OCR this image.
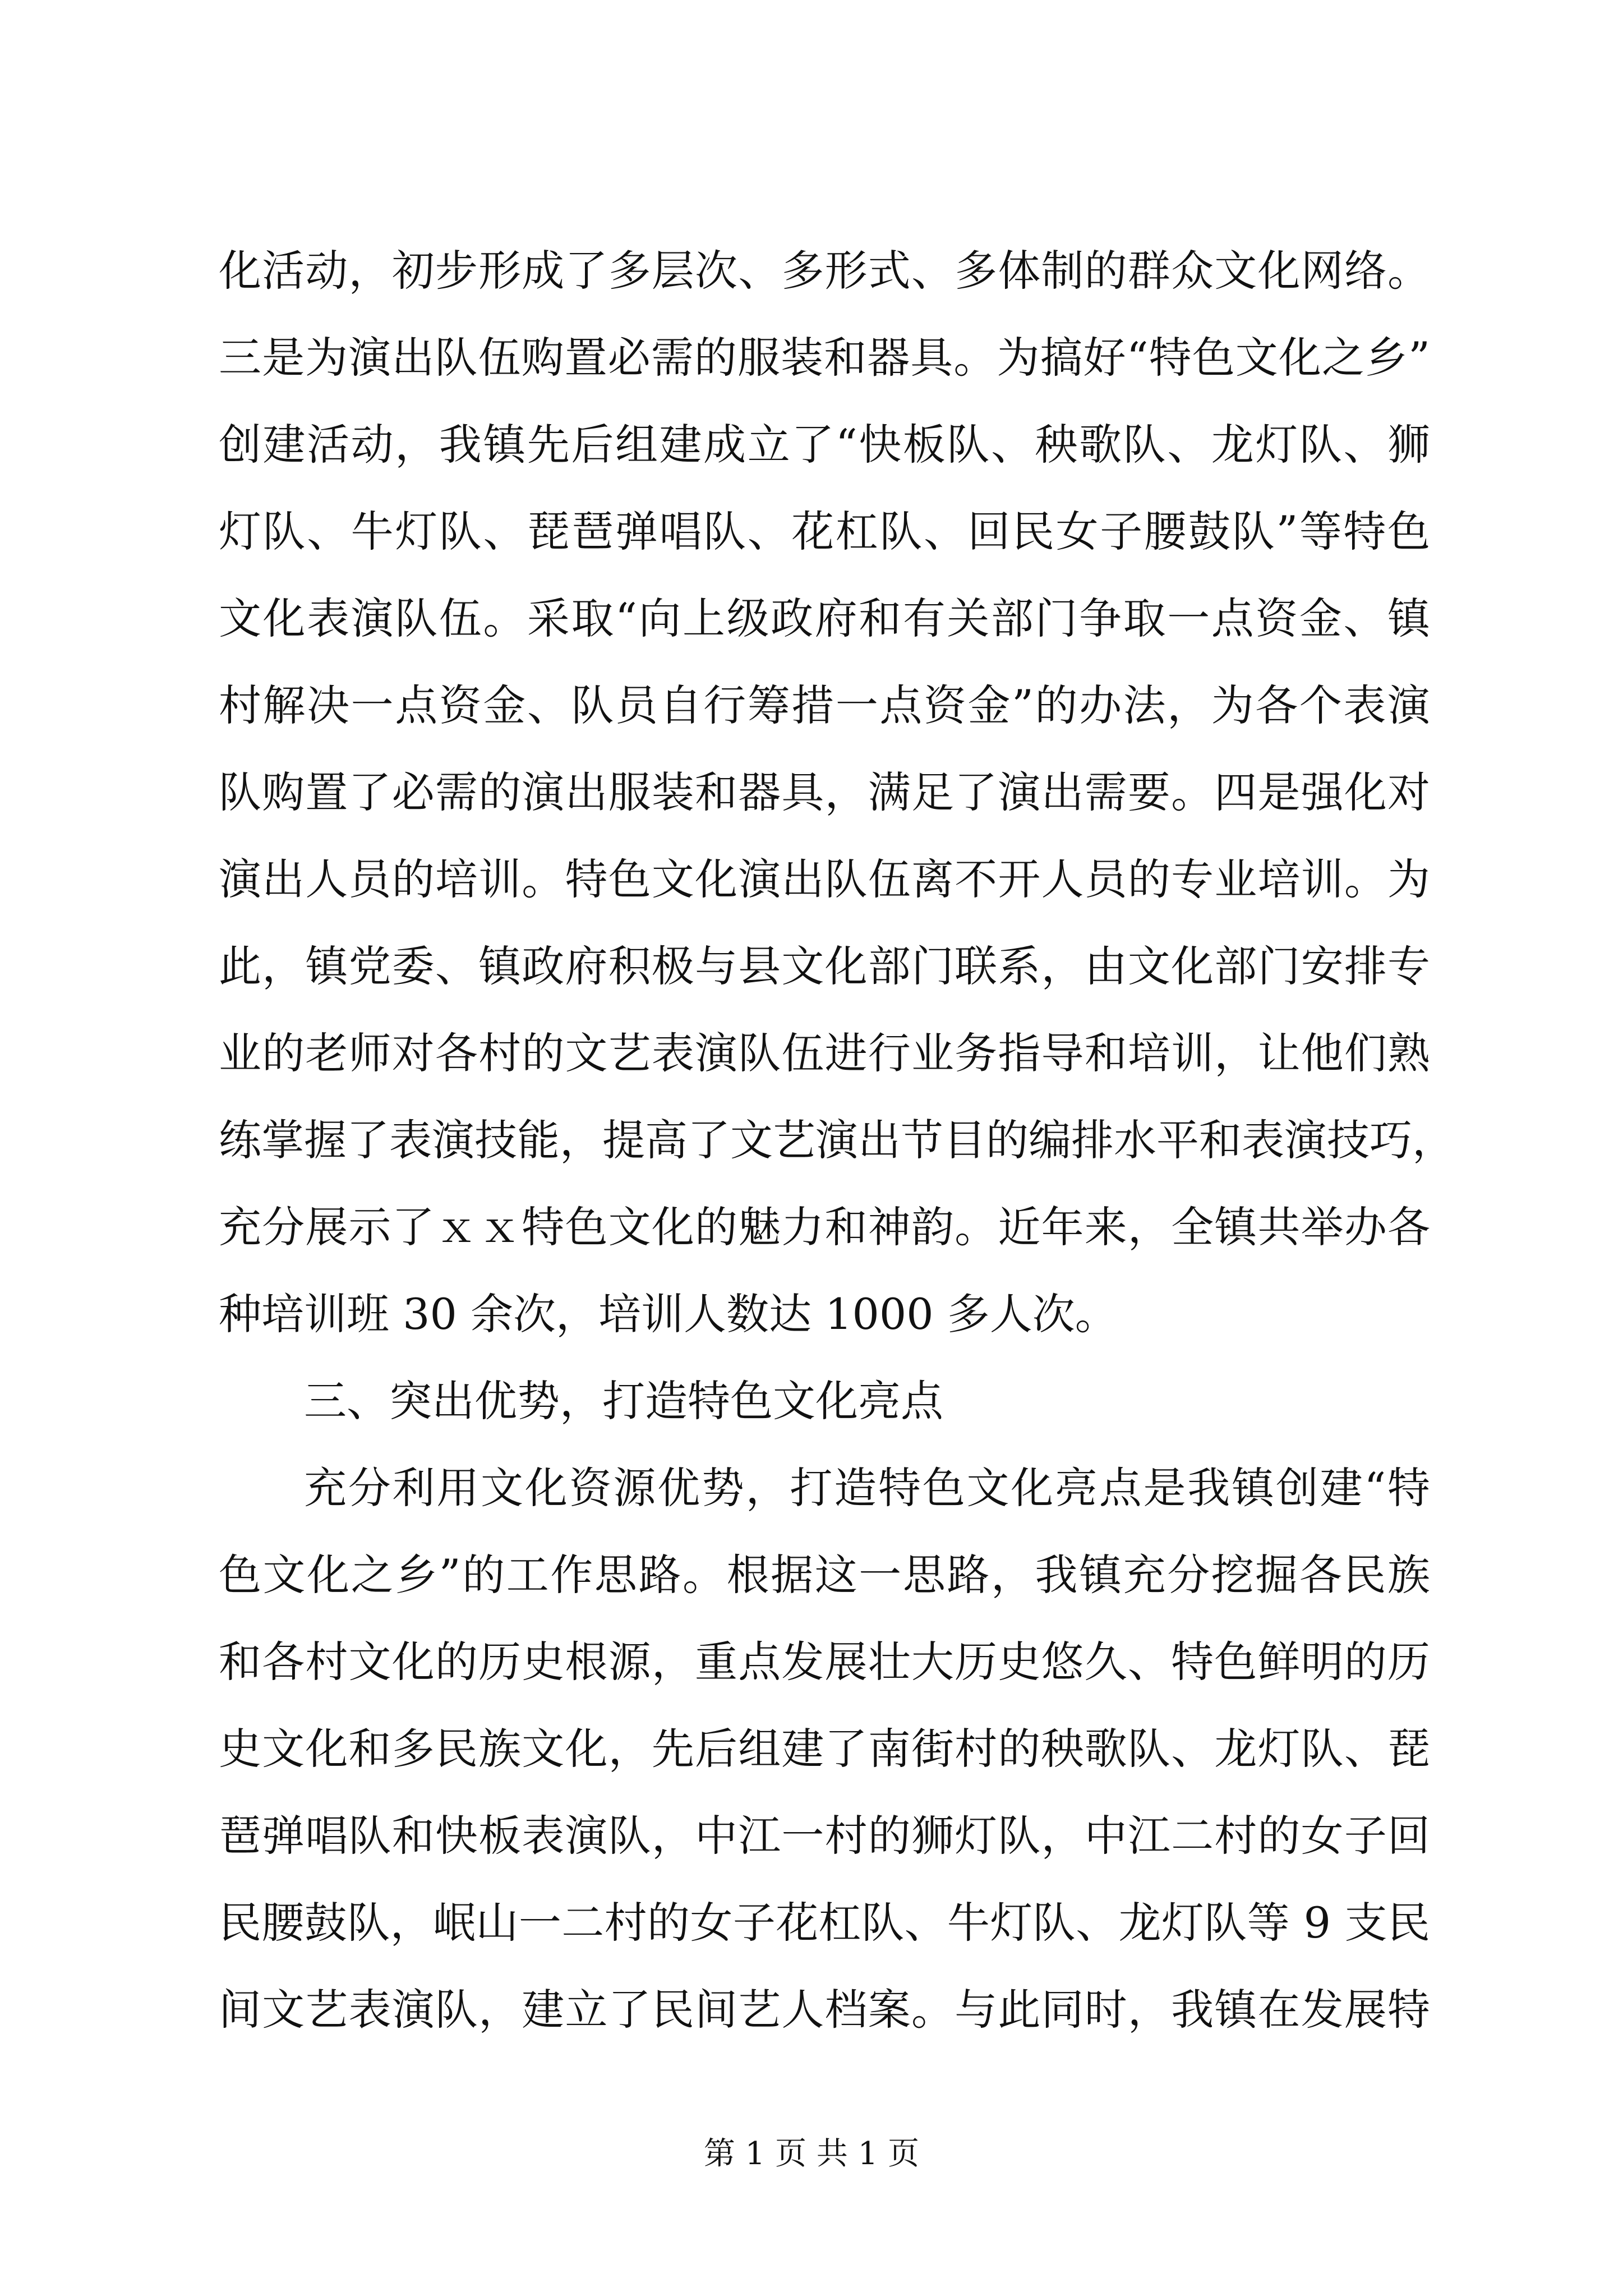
化活动，初步形成了多层次、多形式、多体制的群众文化网络。
三是为演出队伍购置必需的服装和器具。为搞好“特色文化之乡”
创建活动，我镇先后组建成立了“快板队、秧歌队、龙灯队、狮
灯队、牛灯队、琵琶弹唱队、花杠队、回民女子腰鼓队”等特色
文化表演队伍。采取“向上级政府和有关部门争取一点资金、镇
村解决一点资金、队员自行筹措一点资金”的办法，为各个表演
队购置了必需的演出服装和器具，满足了演出需要。四是强化对
演出人员的培训。特色文化演出队伍离不开人员的专业培训。为
此，镇党委、镇政府积极与县文化部门联系，由文化部门安排专
业的老师对各村的文艺表演队伍进行业务指导和培训，让他们熟
练掌握了表演技能，提高了文艺演出节目的编排水平和表演技巧，
充分展示了ｘｘ特色文化的魅力和神韵。近年来，全镇共举办各
种培训班 30 余次，培训人数达 1000 多人次。
三、突出优势，打造特色文化亮点
充分利用文化资源优势，打造特色文化亮点是我镇创建“特
色文化之乡”的工作思路。根据这一思路，我镇充分挖掘各民族
和各村文化的历史根源，重点发展壮大历史悠久、特色鲜明的历
史文化和多民族文化，先后组建了南街村的秧歌队、龙灯队、琵
琶弹唱队和快板表演队，中江一村的狮灯队，中江二村的女子回
民腰鼓队，岷山一二村的女子花杠队、牛灯队、龙灯队等 9 支民
间文艺表演队，建立了民间艺人档案。与此同时，我镇在发展特
第 1 页 共 1 页
